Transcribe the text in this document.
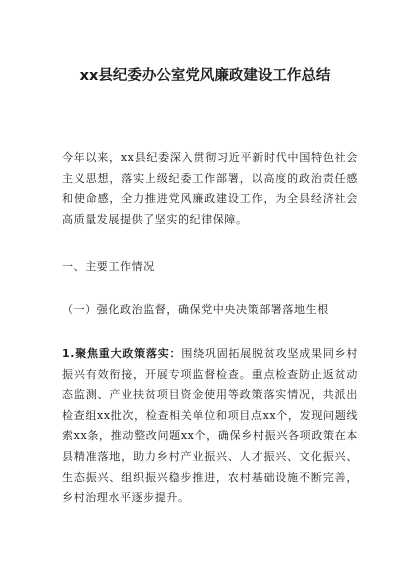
xx县纪委办公室党风廉政建设工作总结
今年以来，xx县纪委深入贯彻习近平新时代中国特色社会主义思想，落实上级纪委工作部署，以高度的政治责任感和使命感，全力推进党风廉政建设工作，为全县经济社会高质量发展提供了坚实的纪律保障。
一、主要工作情况
（一）强化政治监督，确保党中央决策部署落地生根
1.聚焦重大政策落实：围绕巩固拓展脱贫攻坚成果同乡村振兴有效衔接，开展专项监督检查。重点检查防止返贫动态监测、产业扶贫项目资金使用等政策落实情况，共派出检查组xx批次，检查相关单位和项目点xx个，发现问题线索xx条，推动整改问题xx个，确保乡村振兴各项政策在本县精准落地，助力乡村产业振兴、人才振兴、文化振兴、生态振兴、组织振兴稳步推进，农村基础设施不断完善，乡村治理水平逐步提升。
